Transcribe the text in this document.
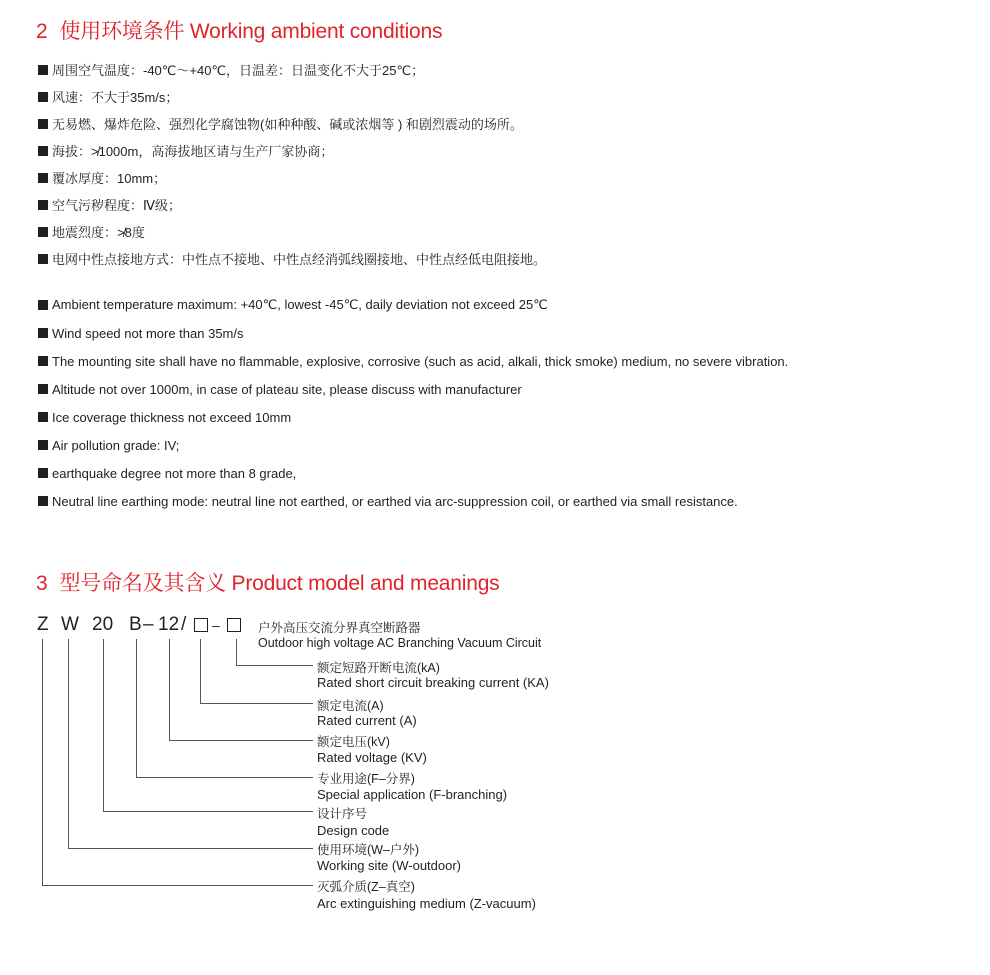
2 使用环境条件 Working ambient conditions
周围空气温度：-40℃～+40℃，日温差：日温变化不大于25℃；
风速：不大于35m/s；
无易燃、爆炸危险、强烈化学腐蚀物(如种种酸、碱或浓烟等 ) 和剧烈震动的场所。
海拔：≯1000m，高海拔地区请与生产厂家协商；
覆冰厚度：10mm；
空气污秽程度：Ⅳ级；
地震烈度：≯8度
电网中性点接地方式：中性点不接地、中性点经消弧线圈接地、中性点经低电阻接地。
Ambient temperature maximum: +40℃, lowest -45℃, daily deviation not exceed 25℃
Wind speed not more than 35m/s
The mounting site shall have no flammable, explosive, corrosive (such as acid, alkali, thick smoke) medium, no severe vibration.
Altitude not over 1000m, in case of plateau site, please discuss with manufacturer
Ice coverage thickness not exceed 10mm
Air pollution grade: IV;
earthquake degree not more than 8 grade,
Neutral line earthing mode: neutral line not earthed, or earthed via arc-suppression coil, or earthed via small resistance.
3 型号命名及其含义 Product model and meanings
Z W 20 B – 12 / –	户外高压交流分界真空断路器
Outdoor high voltage AC Branching Vacuum Circuit
额定短路开断电流(kA)
Rated short circuit breaking current (KA)
额定电流(A)
Rated current (A)
额定电压(kV)
Rated voltage (KV)
专业用途(F–分界)
Special application (F-branching)
设计序号
Design code
使用环境(W–户外)
Working site (W-outdoor)
灭弧介质(Z–真空)
Arc extinguishing medium (Z-vacuum)
